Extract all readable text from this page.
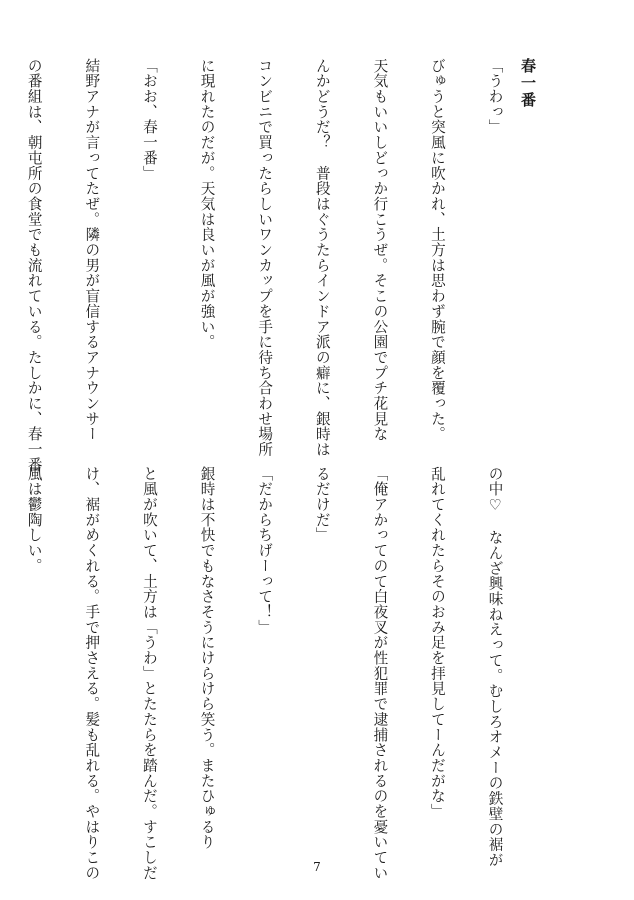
春一番

「うわっ」

びゅうと突風に吹かれ、土方は思わず腕で顔を覆った。

天気もいいしどっか行こうぜ。そこの公園でプチ花見な

んかどうだ？　普段はぐうたらインドア派の癖に、銀時は

コンビニで買ったらしいワンカップを手に待ち合わせ場所

に現れたのだが。天気は良いが風が強い。

「おお、春一番」

結野アナが言ってたぜ。隣の男が盲信するアナウンサー

の番組は、朝屯所の食堂でも流れている。たしかに、春一番

の中♡　なんざ興味ねえって。むしろオメーの鉄壁の裾が

乱れてくれたらそのおみ足を拝見してーんだがな」

「俺アかってのて白夜叉が性犯罪で逮捕されるのを憂いてい

るだけだ」

「だからちげーって！」

銀時は不快でもなさそうにけらけら笑う。またひゅるり

と風が吹いて、土方は「うわ」とたたらを踏んだ。すこしだ

け、裾がめくれる。手で押さえる。髪も乱れる。やはりこの

風は鬱陶しい。

7
